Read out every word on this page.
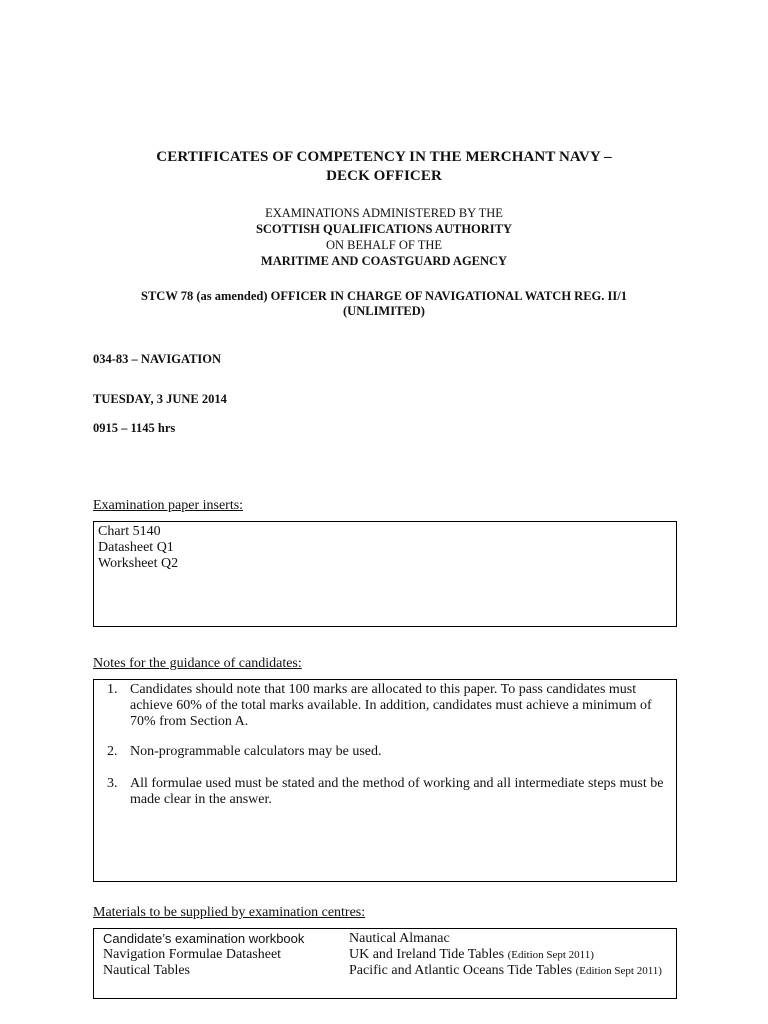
CERTIFICATES OF COMPETENCY IN THE MERCHANT NAVY –
DECK OFFICER
EXAMINATIONS ADMINISTERED BY THE
SCOTTISH QUALIFICATIONS AUTHORITY
ON BEHALF OF THE
MARITIME AND COASTGUARD AGENCY
STCW 78 (as amended) OFFICER IN CHARGE OF NAVIGATIONAL WATCH REG. II/1
(UNLIMITED)
034-83 – NAVIGATION
TUESDAY, 3 JUNE 2014
0915 – 1145 hrs
Examination paper inserts:
Chart 5140
Datasheet Q1
Worksheet Q2
Notes for the guidance of candidates:
1. Candidates should note that 100 marks are allocated to this paper. To pass candidates must
achieve 60% of the total marks available. In addition, candidates must achieve a minimum of
70% from Section A.
2. Non-programmable calculators may be used.
3. All formulae used must be stated and the method of working and all intermediate steps must be
made clear in the answer.
Materials to be supplied by examination centres:
Candidate’s examination workbook	Nautical Almanac
Navigation Formulae Datasheet	UK and Ireland Tide Tables (Edition Sept 2011)
Nautical Tables	Pacific and Atlantic Oceans Tide Tables (Edition Sept 2011)
